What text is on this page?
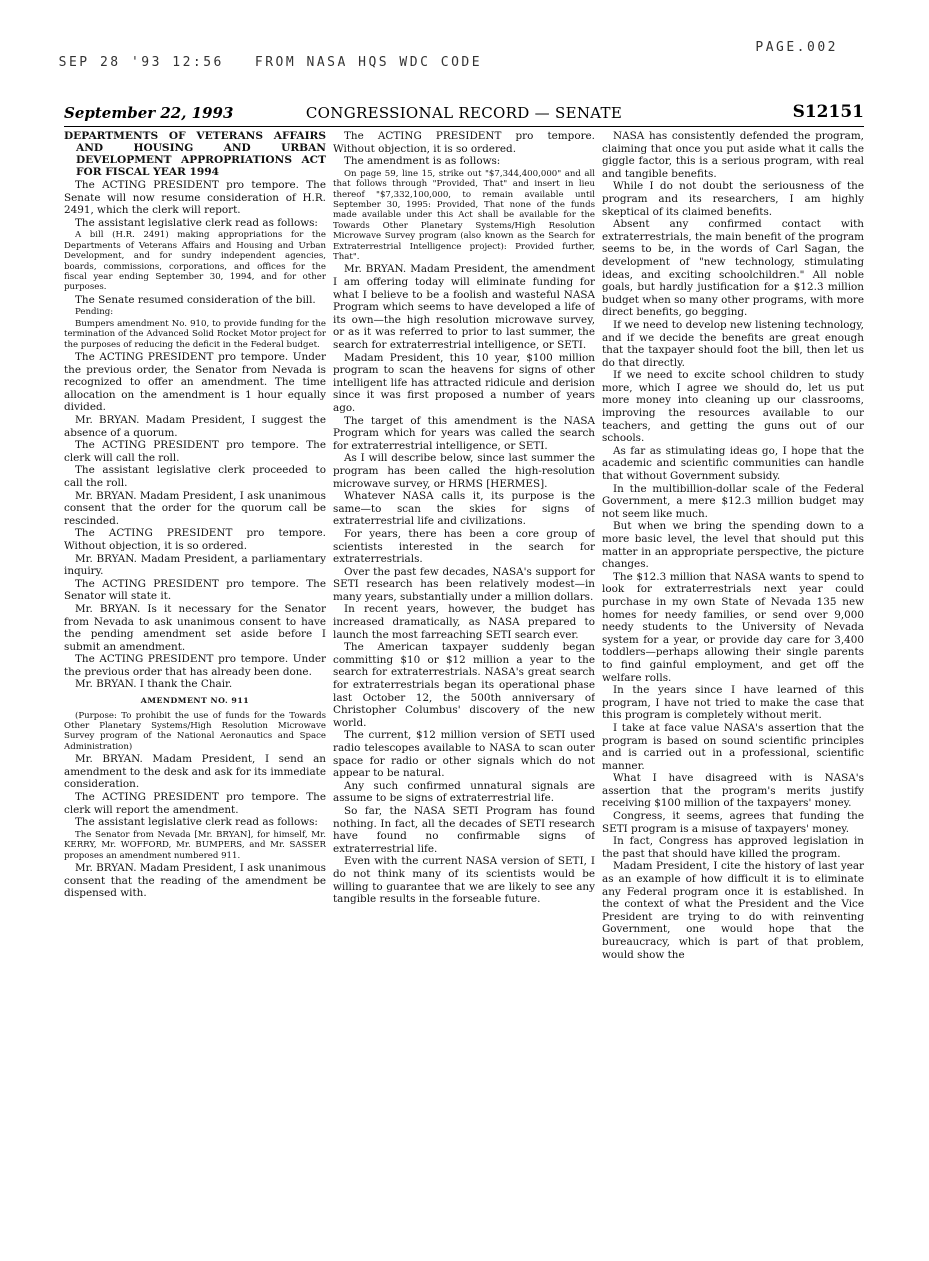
SEP 28 '93 12:56   FROM NASA HQS WDC CODE

PAGE.002

September 22, 1993	CONGRESSIONAL RECORD — SENATE	S12151

DEPARTMENTS OF VETERANS AFFAIRS AND HOUSING AND URBAN DEVELOPMENT APPROPRIATIONS ACT FOR FISCAL YEAR 1994

The ACTING PRESIDENT pro tempore. The Senate will now resume consideration of H.R. 2491, which the clerk will report.

The assistant legislative clerk read as follows:

A bill (H.R. 2491) making appropriations for the Departments of Veterans Affairs and Housing and Urban Development, and for sundry independent agencies, boards, commissions, corporations, and offices for the fiscal year ending September 30, 1994, and for other purposes.

The Senate resumed consideration of the bill.

Pending:

Bumpers amendment No. 910, to provide funding for the termination of the Advanced Solid Rocket Motor project for the purposes of reducing the deficit in the Federal budget.

The ACTING PRESIDENT pro tempore. Under the previous order, the Senator from Nevada is recognized to offer an amendment. The time allocation on the amendment is 1 hour equally divided.

Mr. BRYAN. Madam President, I suggest the absence of a quorum.

The ACTING PRESIDENT pro tempore. The clerk will call the roll.

The assistant legislative clerk proceeded to call the roll.

Mr. BRYAN. Madam President, I ask unanimous consent that the order for the quorum call be rescinded.

The ACTING PRESIDENT pro tempore. Without objection, it is so ordered.

Mr. BRYAN. Madam President, a parliamentary inquiry.

The ACTING PRESIDENT pro tempore. The Senator will state it.

Mr. BRYAN. Is it necessary for the Senator from Nevada to ask unanimous consent to have the pending amendment set aside before I submit an amendment.

The ACTING PRESIDENT pro tempore. Under the previous order that has already been done.

Mr. BRYAN. I thank the Chair.

AMENDMENT NO. 911

(Purpose: To prohibit the use of funds for the Towards Other Planetary Systems/High Resolution Microwave Survey program of the National Aeronautics and Space Administration)

Mr. BRYAN. Madam President, I send an amendment to the desk and ask for its immediate consideration.

The ACTING PRESIDENT pro tempore. The clerk will report the amendment.

The assistant legislative clerk read as follows:

The Senator from Nevada [Mr. BRYAN], for himself, Mr. KERRY, Mr. WOFFORD, Mr. BUMPERS, and Mr. SASSER proposes an amendment numbered 911.

Mr. BRYAN. Madam President, I ask unanimous consent that the reading of the amendment be dispensed with.

The ACTING PRESIDENT pro tempore. Without objection, it is so ordered.

The amendment is as follows:

On page 59, line 15, strike out "$7,344,400,000" and all that follows through "Provided, That" and insert in lieu thereof "$7,332,100,000, to remain available until September 30, 1995: Provided, That none of the funds made available under this Act shall be available for the Towards Other Planetary Systems/High Resolution Microwave Survey program (also known as the Search for Extraterrestrial Intelligence project): Provided further, That".

Mr. BRYAN. Madam President, the amendment I am offering today will eliminate funding for what I believe to be a foolish and wasteful NASA Program which seems to have developed a life of its own—the high resolution microwave survey, or as it was referred to prior to last summer, the search for extraterrestrial intelligence, or SETI.

Madam President, this 10 year, $100 million program to scan the heavens for signs of other intelligent life has attracted ridicule and derision since it was first proposed a number of years ago.

The target of this amendment is the NASA Program which for years was called the search for extraterrestrial intelligence, or SETI.

As I will describe below, since last summer the program has been called the high-resolution microwave survey, or HRMS [HERMES].

Whatever NASA calls it, its purpose is the same—to scan the skies for signs of extraterrestrial life and civilizations.

For years, there has been a core group of scientists interested in the search for extraterrestrials.

Over the past few decades, NASA's support for SETI research has been relatively modest—in many years, substantially under a million dollars.

In recent years, however, the budget has increased dramatically, as NASA prepared to launch the most farreaching SETI search ever.

The American taxpayer suddenly began committing $10 or $12 million a year to the search for extraterrestrials. NASA's great search for extraterrestrials began its operational phase last October 12, the 500th anniversary of Christopher Columbus' discovery of the new world.

The current, $12 million version of SETI used radio telescopes available to NASA to scan outer space for radio or other signals which do not appear to be natural.

Any such confirmed unnatural signals are assume to be signs of extraterrestrial life.

So far, the NASA SETI Program has found nothing. In fact, all the decades of SETI research have found no confirmable signs of extraterrestrial life.

Even with the current NASA version of SETI, I do not think many of its scientists would be willing to guarantee that we are likely to see any tangible results in the forseable future.

NASA has consistently defended the program, claiming that once you put aside what it calls the giggle factor, this is a serious program, with real and tangible benefits.

While I do not doubt the seriousness of the program and its researchers, I am highly skeptical of its claimed benefits.

Absent any confirmed contact with extraterrestrials, the main benefit of the program seems to be, in the words of Carl Sagan, the development of "new technology, stimulating ideas, and exciting schoolchildren." All noble goals, but hardly justification for a $12.3 million budget when so many other programs, with more direct benefits, go begging.

If we need to develop new listening technology, and if we decide the benefits are great enough that the taxpayer should foot the bill, then let us do that directly.

If we need to excite school children to study more, which I agree we should do, let us put more money into cleaning up our classrooms, improving the resources available to our teachers, and getting the guns out of our schools.

As far as stimulating ideas go, I hope that the academic and scientific communities can handle that without Government subsidy.

In the multibillion-dollar scale of the Federal Government, a mere $12.3 million budget may not seem like much.

But when we bring the spending down to a more basic level, the level that should put this matter in an appropriate perspective, the picture changes.

The $12.3 million that NASA wants to spend to look for extraterrestrials next year could purchase in my own State of Nevada 135 new homes for needy families, or send over 9,000 needy students to the University of Nevada system for a year, or provide day care for 3,400 toddlers—perhaps allowing their single parents to find gainful employment, and get off the welfare rolls.

In the years since I have learned of this program, I have not tried to make the case that this program is completely without merit.

I take at face value NASA's assertion that the program is based on sound scientific principles and is carried out in a professional, scientific manner.

What I have disagreed with is NASA's assertion that the program's merits justify receiving $100 million of the taxpayers' money.

Congress, it seems, agrees that funding the SETI program is a misuse of taxpayers' money.

In fact, Congress has approved legislation in the past that should have killed the program.

Madam President, I cite the history of last year as an example of how difficult it is to eliminate any Federal program once it is established. In the context of what the President and the Vice President are trying to do with reinventing Government, one would hope that the bureaucracy, which is part of that problem, would show the
